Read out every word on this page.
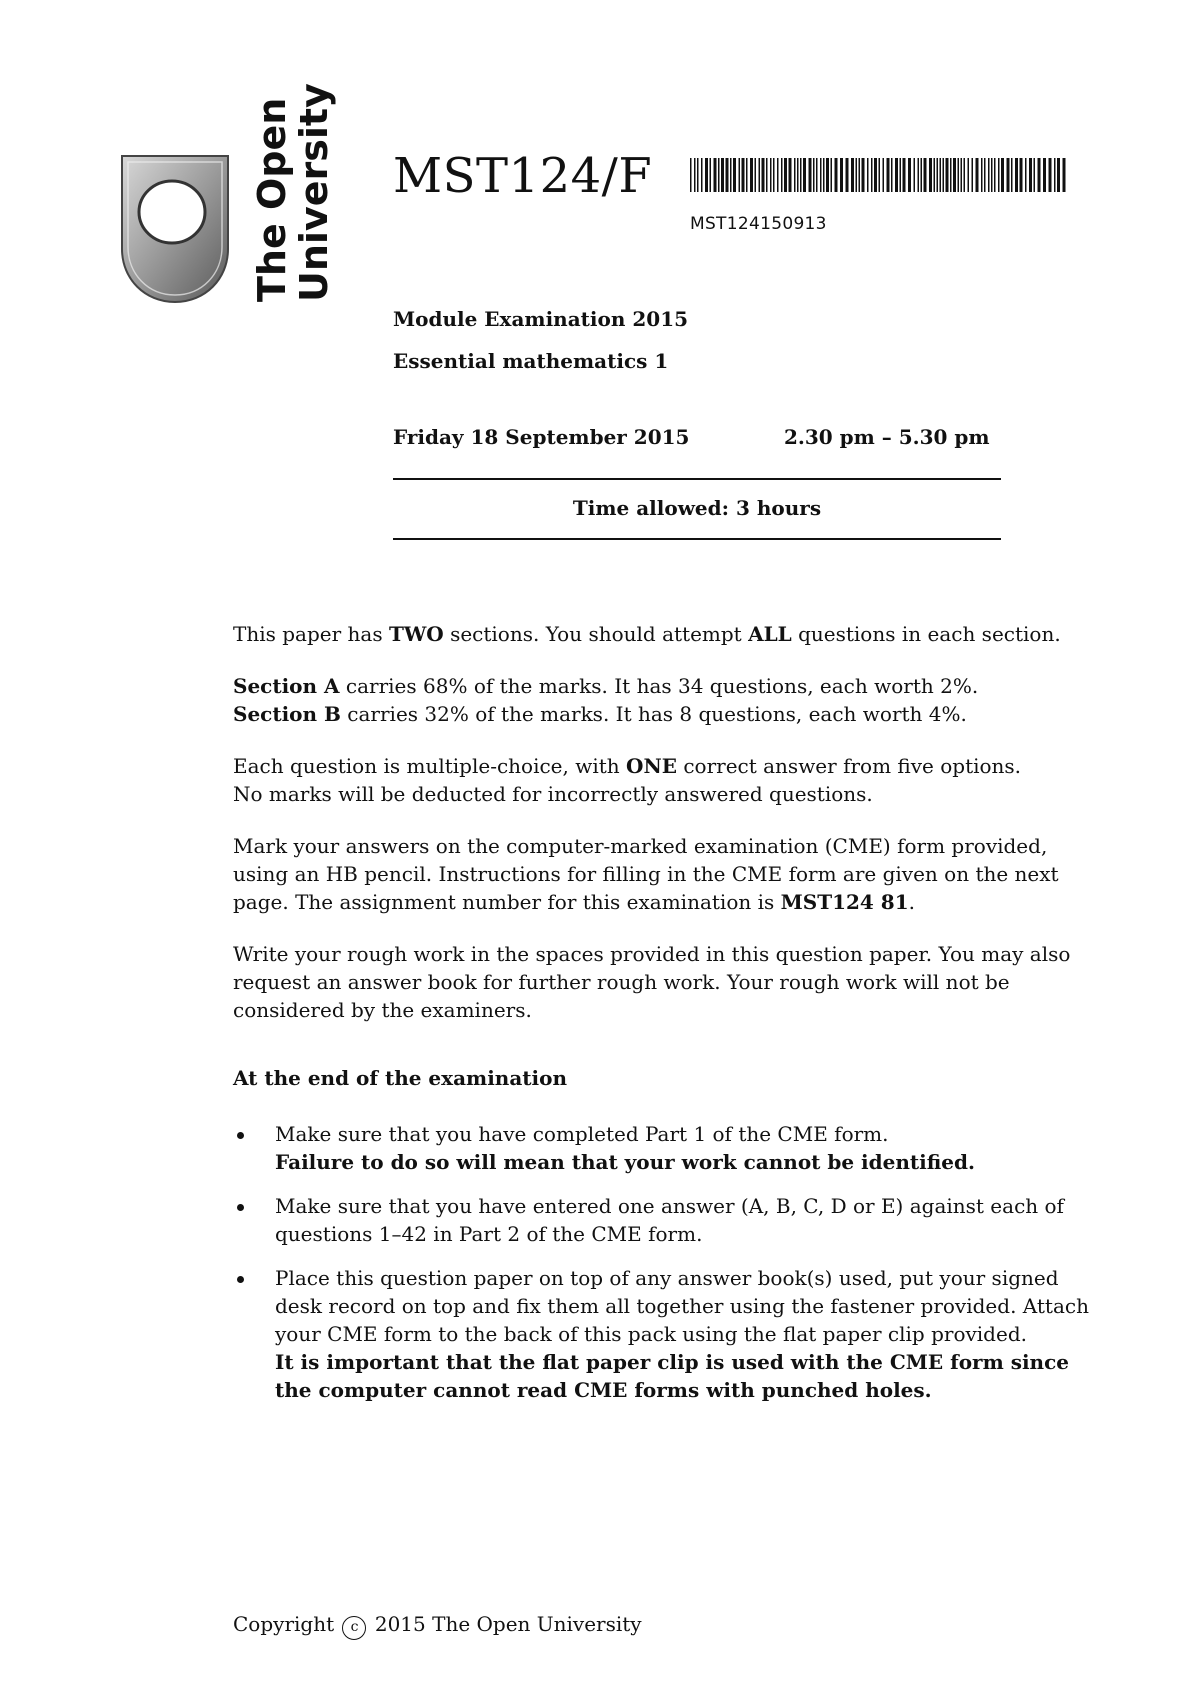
The Open
University MST124/F
MST124150913
Module Examination 2015
Essential mathematics 1
Friday 18 September 2015	2.30 pm – 5.30 pm
Time allowed: 3 hours

This paper has TWO sections. You should attempt ALL questions in each section.

Section A carries 68% of the marks. It has 34 questions, each worth 2%.
Section B carries 32% of the marks. It has 8 questions, each worth 4%.

Each question is multiple-choice, with ONE correct answer from five options.
No marks will be deducted for incorrectly answered questions.

Mark your answers on the computer-marked examination (CME) form provided, using an HB pencil. Instructions for filling in the CME form are given on the next page. The assignment number for this examination is MST124 81.

Write your rough work in the spaces provided in this question paper. You may also request an answer book for further rough work. Your rough work will not be considered by the examiners.

At the end of the examination

Make sure that you have completed Part 1 of the CME form.
Failure to do so will mean that your work cannot be identified.
Make sure that you have entered one answer (A, B, C, D or E) against each of questions 1–42 in Part 2 of the CME form.
Place this question paper on top of any answer book(s) used, put your signed desk record on top and fix them all together using the fastener provided. Attach your CME form to the back of this pack using the flat paper clip provided.
It is important that the flat paper clip is used with the CME form since the computer cannot read CME forms with punched holes.
Copyright c 2015 The Open University
